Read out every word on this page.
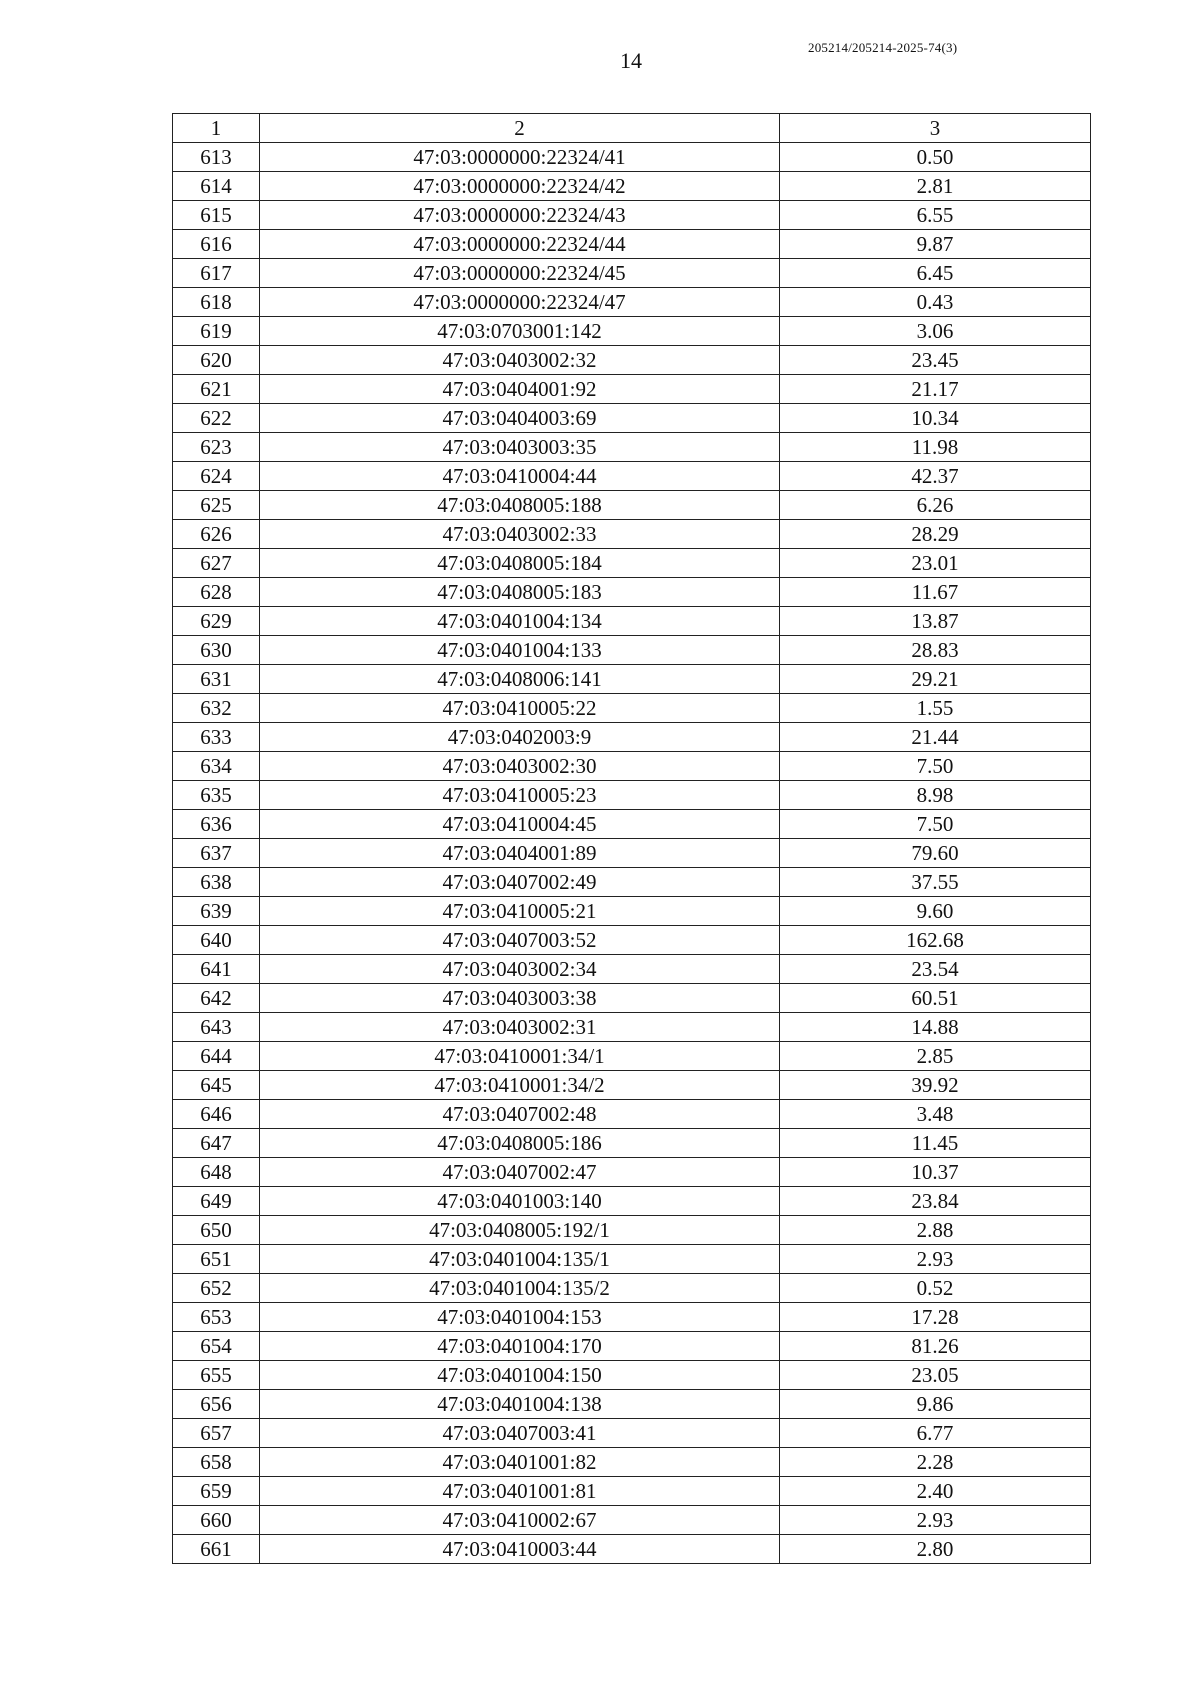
14
205214/205214-2025-74(3)
1	2	3
613	47:03:0000000:22324/41	0.50
614	47:03:0000000:22324/42	2.81
615	47:03:0000000:22324/43	6.55
616	47:03:0000000:22324/44	9.87
617	47:03:0000000:22324/45	6.45
618	47:03:0000000:22324/47	0.43
619	47:03:0703001:142	3.06
620	47:03:0403002:32	23.45
621	47:03:0404001:92	21.17
622	47:03:0404003:69	10.34
623	47:03:0403003:35	11.98
624	47:03:0410004:44	42.37
625	47:03:0408005:188	6.26
626	47:03:0403002:33	28.29
627	47:03:0408005:184	23.01
628	47:03:0408005:183	11.67
629	47:03:0401004:134	13.87
630	47:03:0401004:133	28.83
631	47:03:0408006:141	29.21
632	47:03:0410005:22	1.55
633	47:03:0402003:9	21.44
634	47:03:0403002:30	7.50
635	47:03:0410005:23	8.98
636	47:03:0410004:45	7.50
637	47:03:0404001:89	79.60
638	47:03:0407002:49	37.55
639	47:03:0410005:21	9.60
640	47:03:0407003:52	162.68
641	47:03:0403002:34	23.54
642	47:03:0403003:38	60.51
643	47:03:0403002:31	14.88
644	47:03:0410001:34/1	2.85
645	47:03:0410001:34/2	39.92
646	47:03:0407002:48	3.48
647	47:03:0408005:186	11.45
648	47:03:0407002:47	10.37
649	47:03:0401003:140	23.84
650	47:03:0408005:192/1	2.88
651	47:03:0401004:135/1	2.93
652	47:03:0401004:135/2	0.52
653	47:03:0401004:153	17.28
654	47:03:0401004:170	81.26
655	47:03:0401004:150	23.05
656	47:03:0401004:138	9.86
657	47:03:0407003:41	6.77
658	47:03:0401001:82	2.28
659	47:03:0401001:81	2.40
660	47:03:0410002:67	2.93
661	47:03:0410003:44	2.80
